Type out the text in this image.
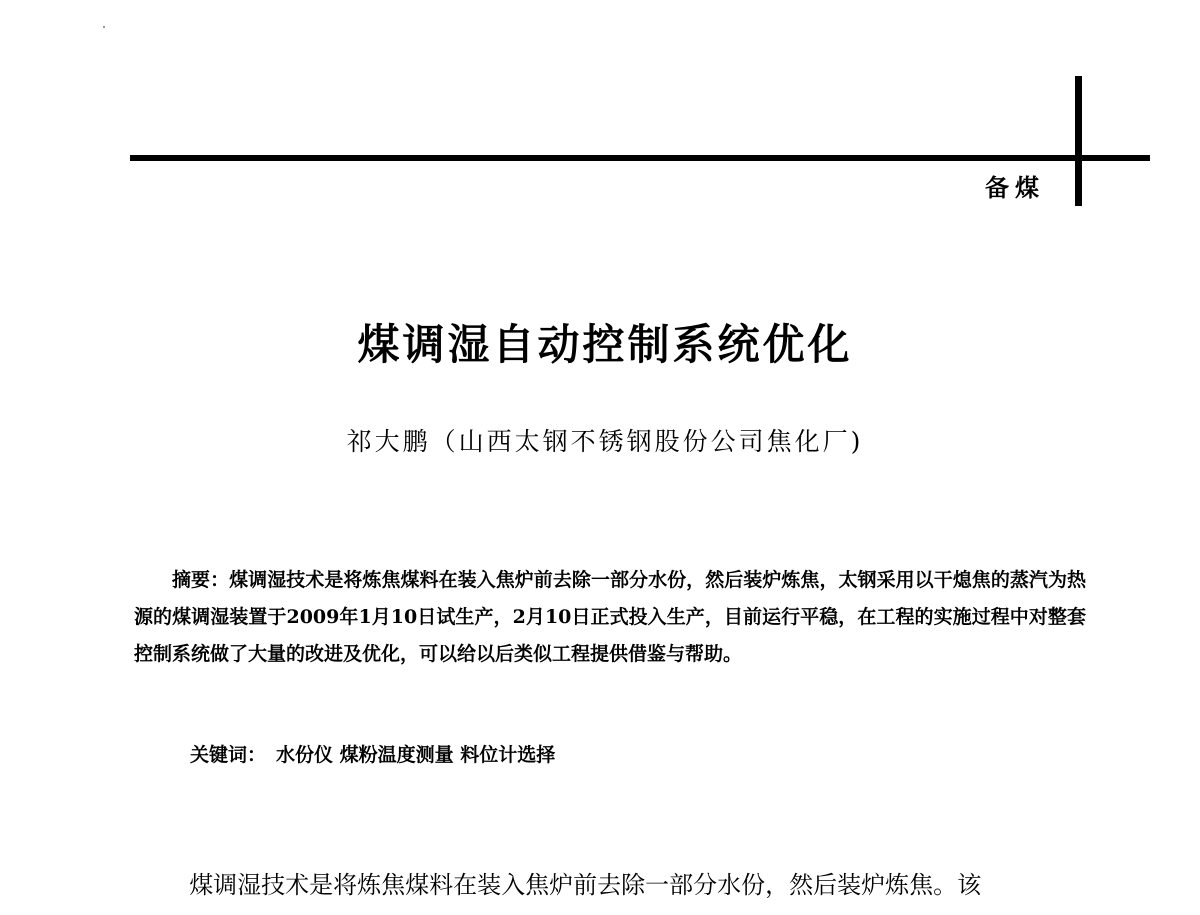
备煤
煤调湿自动控制系统优化
祁大鹏（山西太钢不锈钢股份公司焦化厂)

摘要：煤调湿技术是将炼焦煤料在装入焦炉前去除一部分水份，然后装炉炼焦，太钢采用以干熄焦的蒸汽为热源的煤调湿装置于2009年1月10日试生产，2月10日正式投入生产，目前运行平稳，在工程的实施过程中对整套控制系统做了大量的改进及优化，可以给以后类似工程提供借鉴与帮助。

关键词： 水份仪 煤粉温度测量 料位计选择

煤调湿技术是将炼焦煤料在装入焦炉前去除一部分水份，然后装炉炼焦。该
